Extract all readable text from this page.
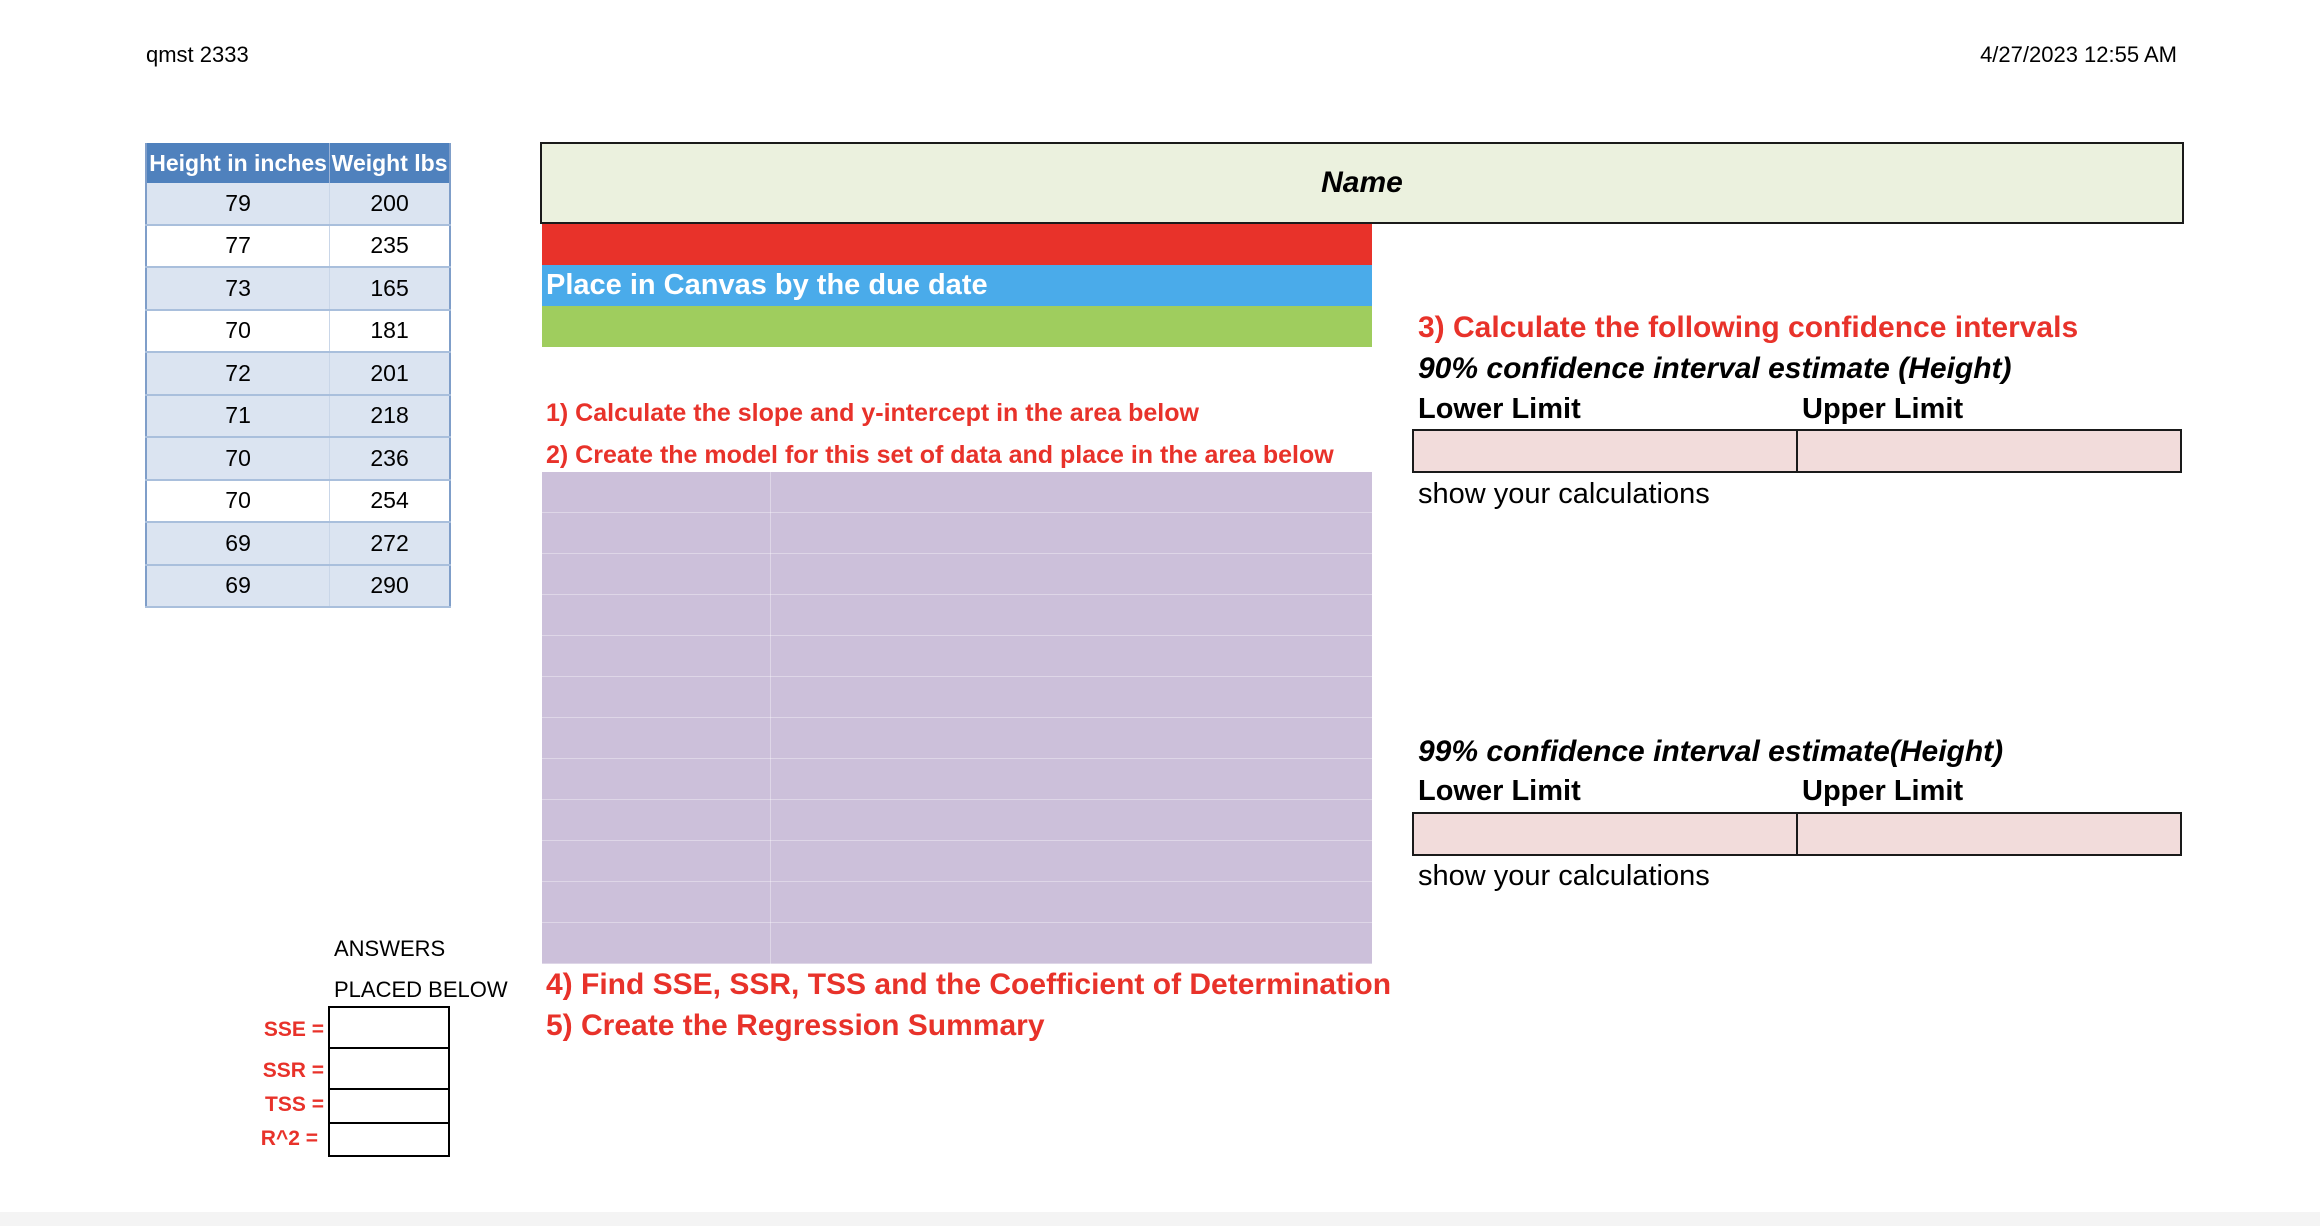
qmst 2333	4/27/2023 12:55 AM
Height in inches	Weight lbs
79	200
77	235
73	165
70	181
72	201
71	218
70	236
70	254
69	272
69	290
Name
Place in Canvas by the due date
1) Calculate the slope and y-intercept in the area below
2) Create the model for this set of data and place in the area below
4) Find SSE, SSR, TSS and the Coefficient of Determination
5) Create the Regression Summary
ANSWERS
PLACED BELOW
SSE =
SSR =
TSS =
R^2 =
3) Calculate the following confidence intervals
90% confidence interval estimate (Height)
Lower Limit	Upper Limit
show your calculations
99% confidence interval estimate(Height)
Lower Limit	Upper Limit
show your calculations
